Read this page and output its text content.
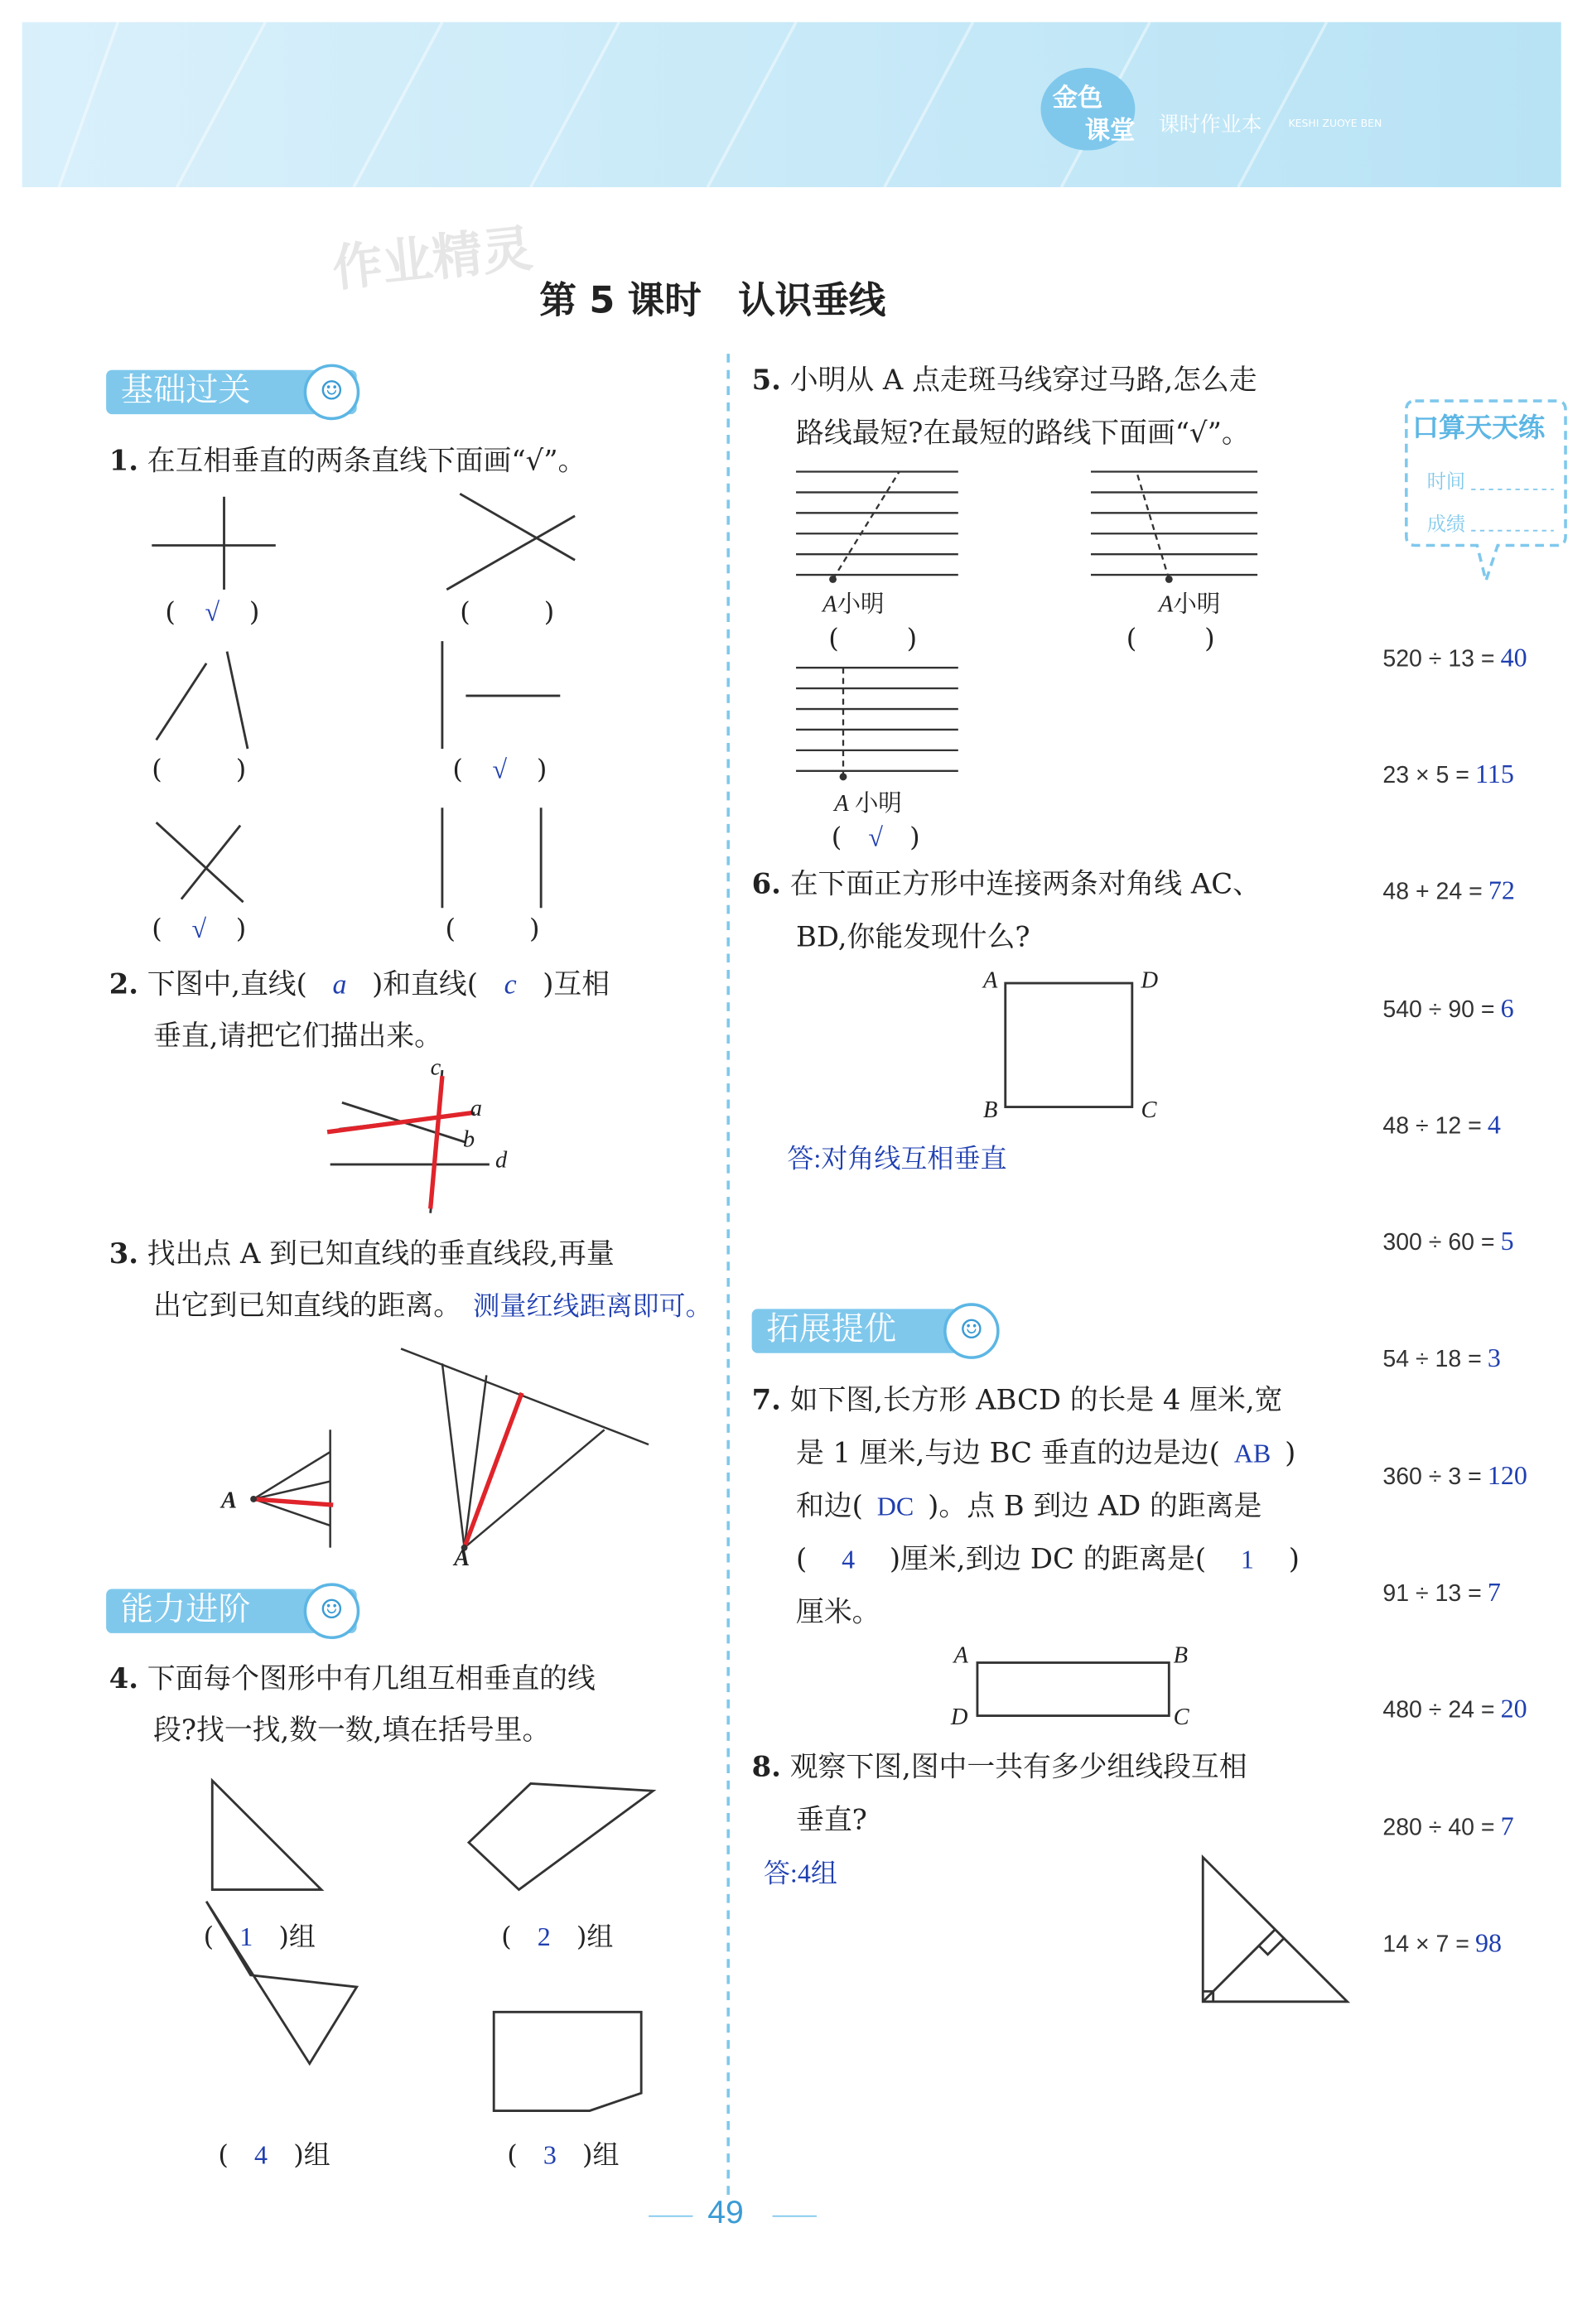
金色
课堂 课时作业本	KESHI ZUOYE BEN
作业精灵
第 5 课时　认识垂线
基础过关	☺
1. 在互相垂直的两条直线下面画“√”。
( √ )	(	)
(	)	( √ )
( √ )	(	)
2. 下图中,直线( a )和直线( c )互相
垂直,请把它们描出来。
c
a
b
d
3. 找出点 A 到已知直线的垂直线段,再量
出它到已知直线的距离。 测量红线距离即可。
A
A
能力进阶	☺
4. 下面每个图形中有几组互相垂直的线
段?找一找,数一数,填在括号里。
( 1 )组	( 2 )组
( 4 )组	( 3 )组
5. 小明从 A 点走斑马线穿过马路,怎么走
路线最短?在最短的路线下面画“√”。
A小明	A小明
A 小明
(	)	(	)
( √ )
6. 在下面正方形中连接两条对角线 AC、
BD,你能发现什么?
A	D
B	C
答:对角线互相垂直
拓展提优	☺
7. 如下图,长方形 ABCD 的长是 4 厘米,宽
是 1 厘米,与边 BC 垂直的边是边( AB )
和边( DC )。点 B 到边 AD 的距离是
( 4 )厘米,到边 DC 的距离是( 1 )
厘米。
A	B
D	C
8. 观察下图,图中一共有多少组线段互相
垂直?
答:4组
口算天天练
时间
成绩
520 ÷ 13 = 40
23 × 5 = 115
48 + 24 = 72
540 ÷ 90 = 6
48 ÷ 12 = 4
300 ÷ 60 = 5
54 ÷ 18 = 3
360 ÷ 3 = 120
91 ÷ 13 = 7
480 ÷ 24 = 20
280 ÷ 40 = 7
14 × 7 = 98
49
